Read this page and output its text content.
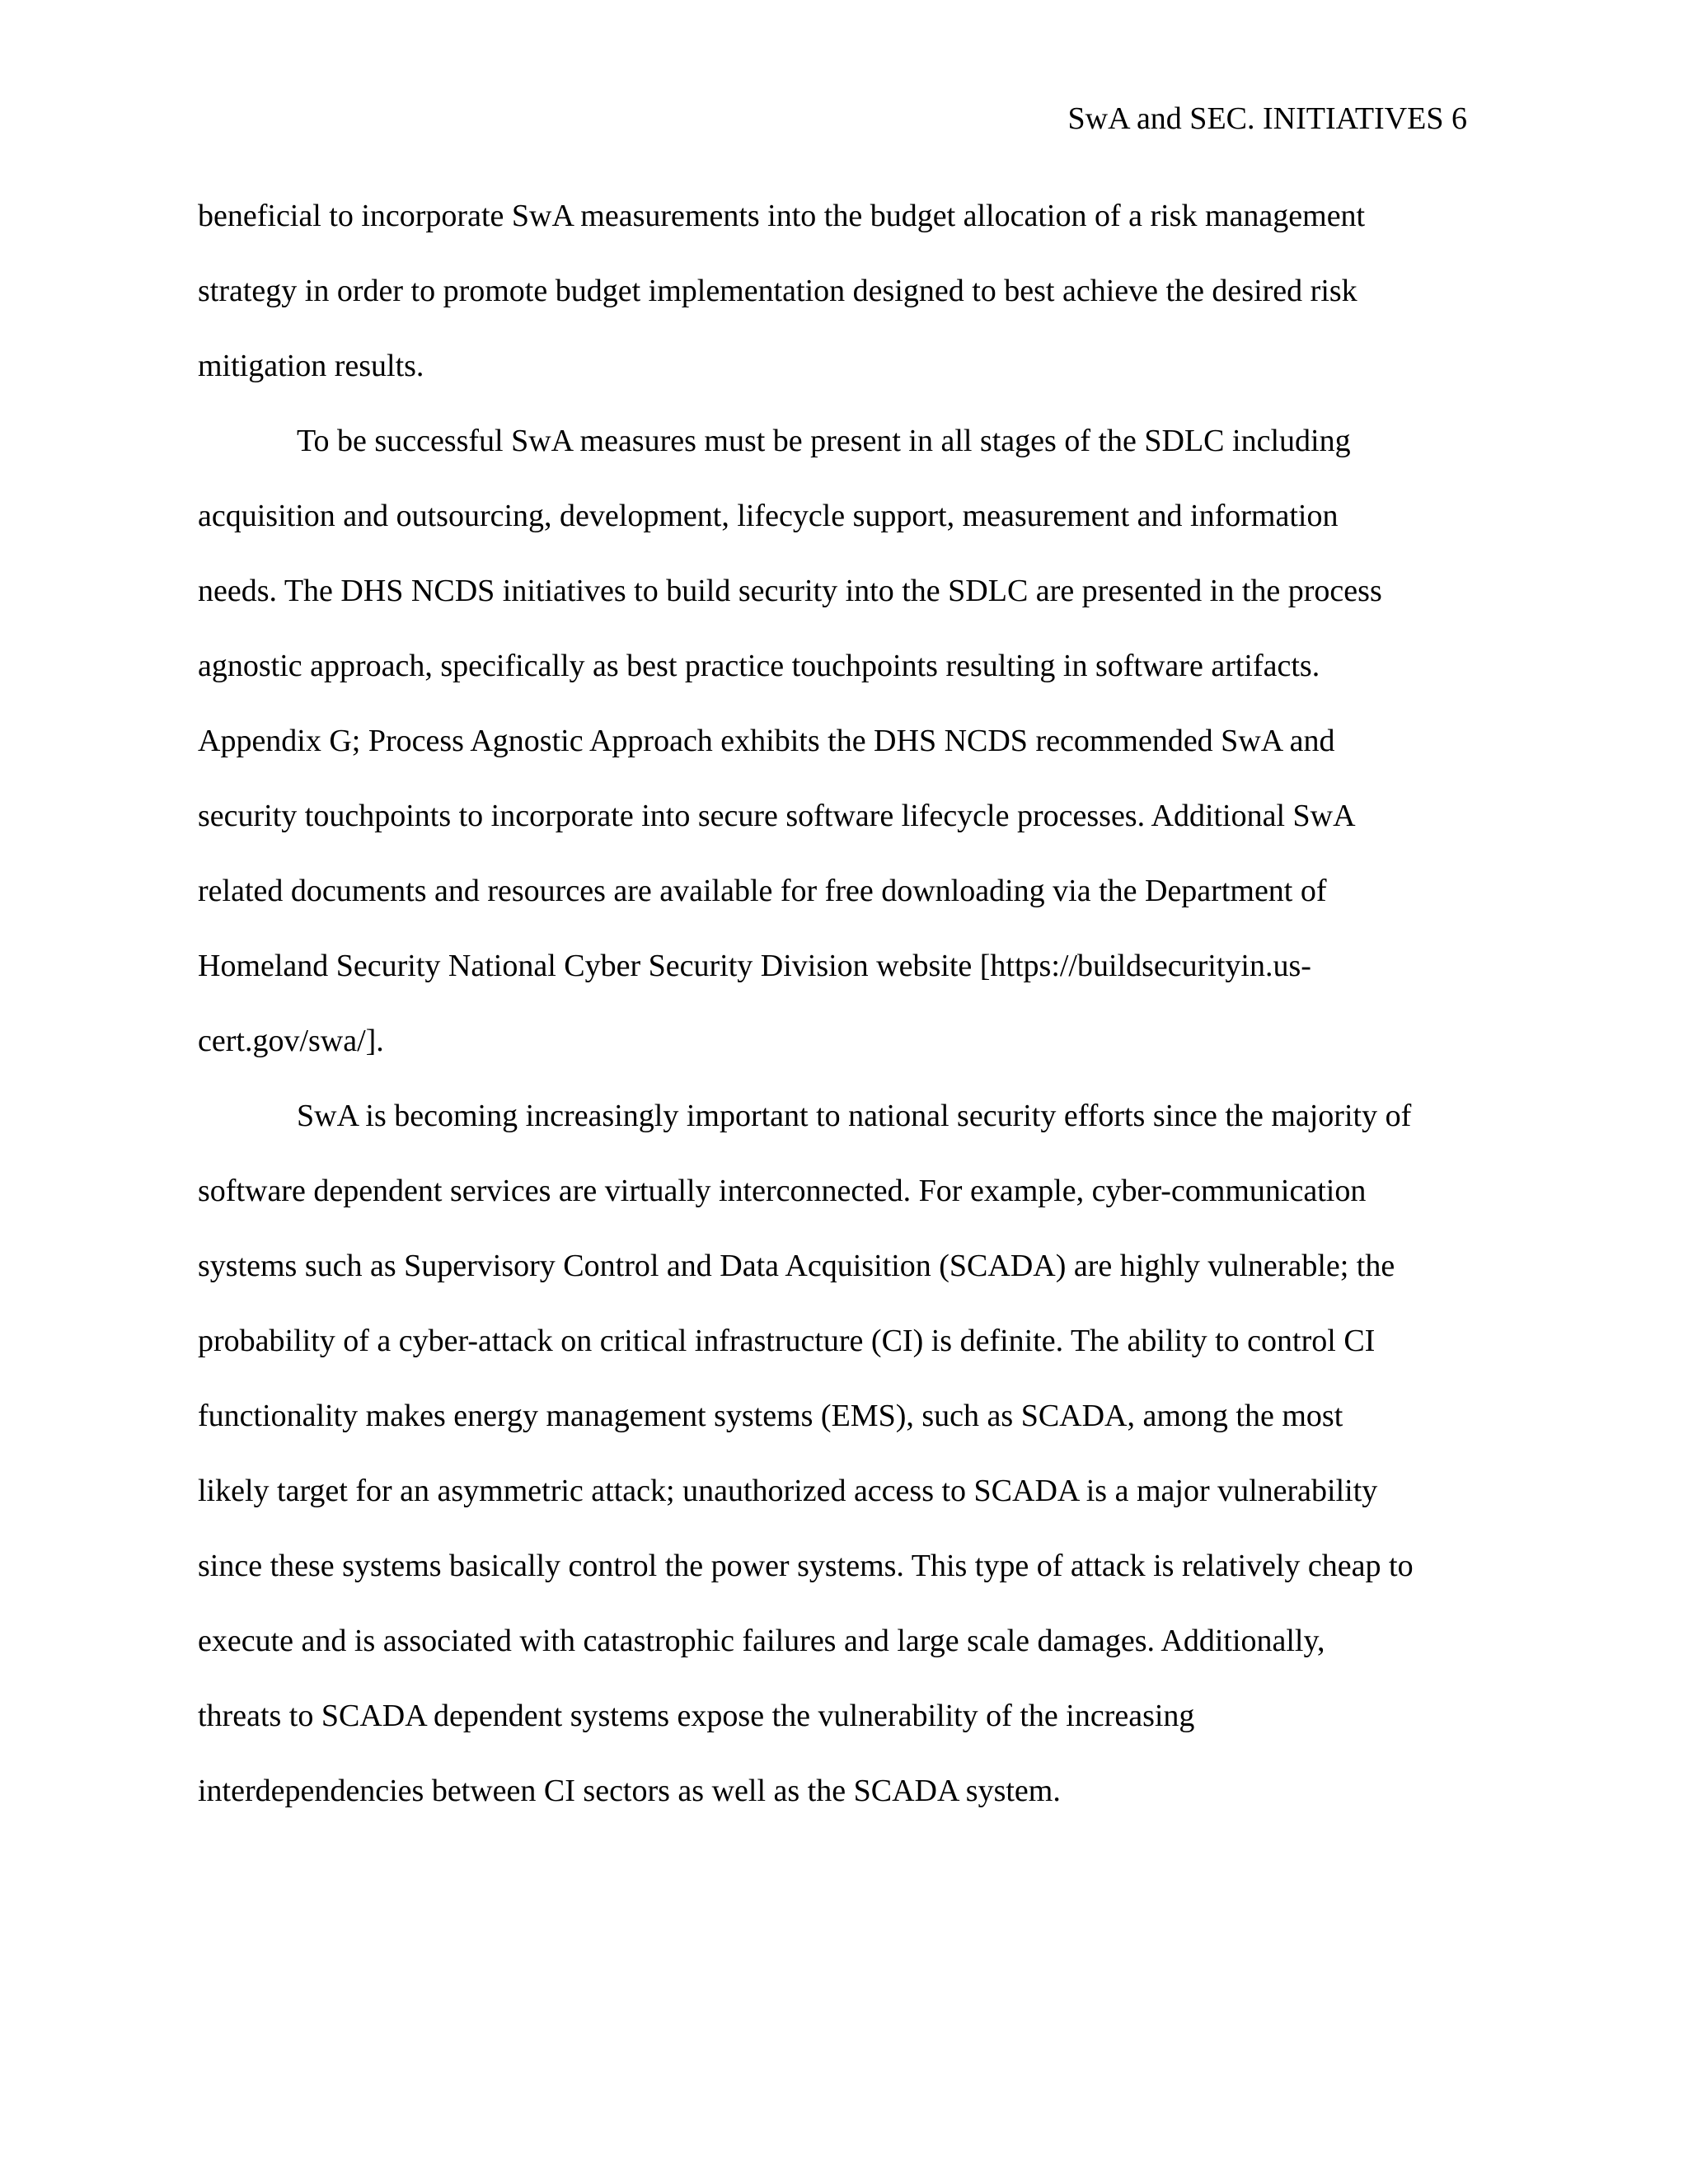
SwA and SEC. INITIATIVES 6
beneficial to incorporate SwA measurements into the budget allocation of a risk management
strategy in order to promote budget implementation designed to best achieve the desired risk
mitigation results.
To be successful SwA measures must be present in all stages of the SDLC including
acquisition and outsourcing, development, lifecycle support, measurement and information
needs. The DHS NCDS initiatives to build security into the SDLC are presented in the process
agnostic approach, specifically as best practice touchpoints resulting in software artifacts.
Appendix G; Process Agnostic Approach exhibits the DHS NCDS recommended SwA and
security touchpoints to incorporate into secure software lifecycle processes. Additional SwA
related documents and resources are available for free downloading via the Department of
Homeland Security National Cyber Security Division website [https://buildsecurityin.us-
cert.gov/swa/].
SwA is becoming increasingly important to national security efforts since the majority of
software dependent services are virtually interconnected. For example, cyber-communication
systems such as Supervisory Control and Data Acquisition (SCADA) are highly vulnerable; the
probability of a cyber-attack on critical infrastructure (CI) is definite. The ability to control CI
functionality makes energy management systems (EMS), such as SCADA, among the most
likely target for an asymmetric attack; unauthorized access to SCADA is a major vulnerability
since these systems basically control the power systems. This type of attack is relatively cheap to
execute and is associated with catastrophic failures and large scale damages. Additionally,
threats to SCADA dependent systems expose the vulnerability of the increasing
interdependencies between CI sectors as well as the SCADA system.
